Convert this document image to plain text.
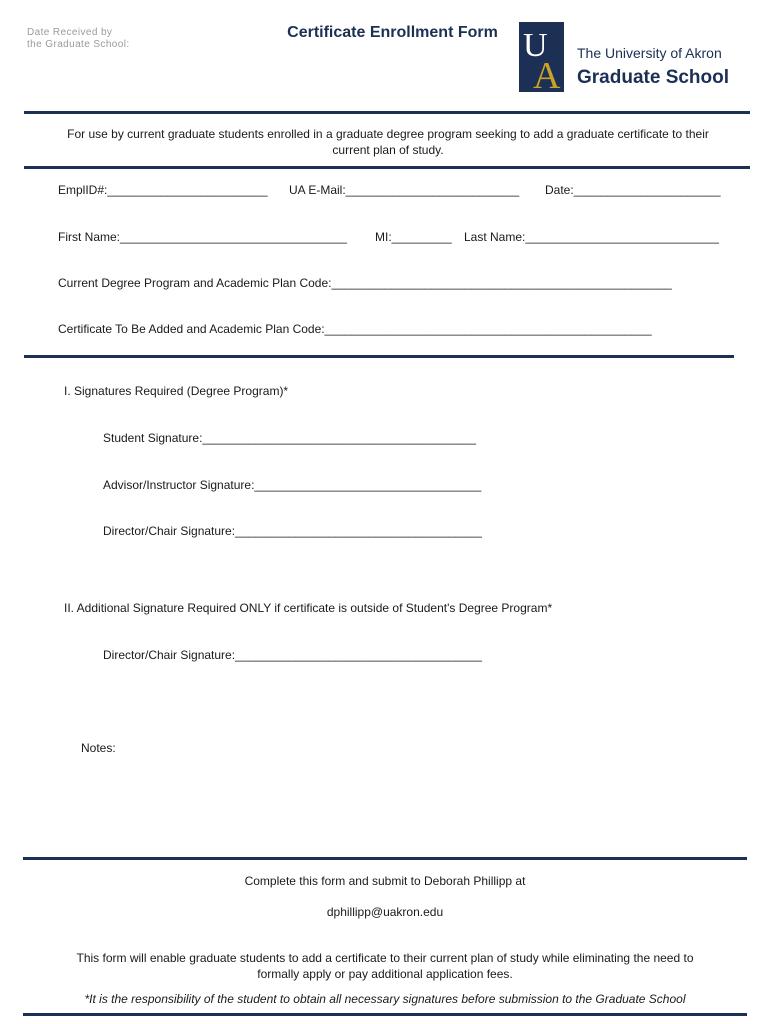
Date Received by
the Graduate School:
Certificate Enrollment Form U
A
The University of Akron
Graduate School
For use by current graduate students enrolled in a graduate degree program seeking to add a graduate certificate to their current plan of study.
EmplID#:________________________ UA E-Mail:__________________________ Date:______________________
First Name:__________________________________ MI:_________ Last Name:_____________________________
Current Degree Program and Academic Plan Code:___________________________________________________
Certificate To Be Added and Academic Plan Code:_________________________________________________
I. Signatures Required (Degree Program)*
Student Signature:_________________________________________
Advisor/Instructor Signature:__________________________________
Director/Chair Signature:_____________________________________
II. Additional Signature Required ONLY if certificate is outside of Student's Degree Program*
Director/Chair Signature:_____________________________________
Notes:
Complete this form and submit to Deborah Phillipp at
dphillipp@uakron.edu
This form will enable graduate students to add a certificate to their current plan of study while eliminating the need to
formally apply or pay additional application fees.
*It is the responsibility of the student to obtain all necessary signatures before submission to the Graduate School
